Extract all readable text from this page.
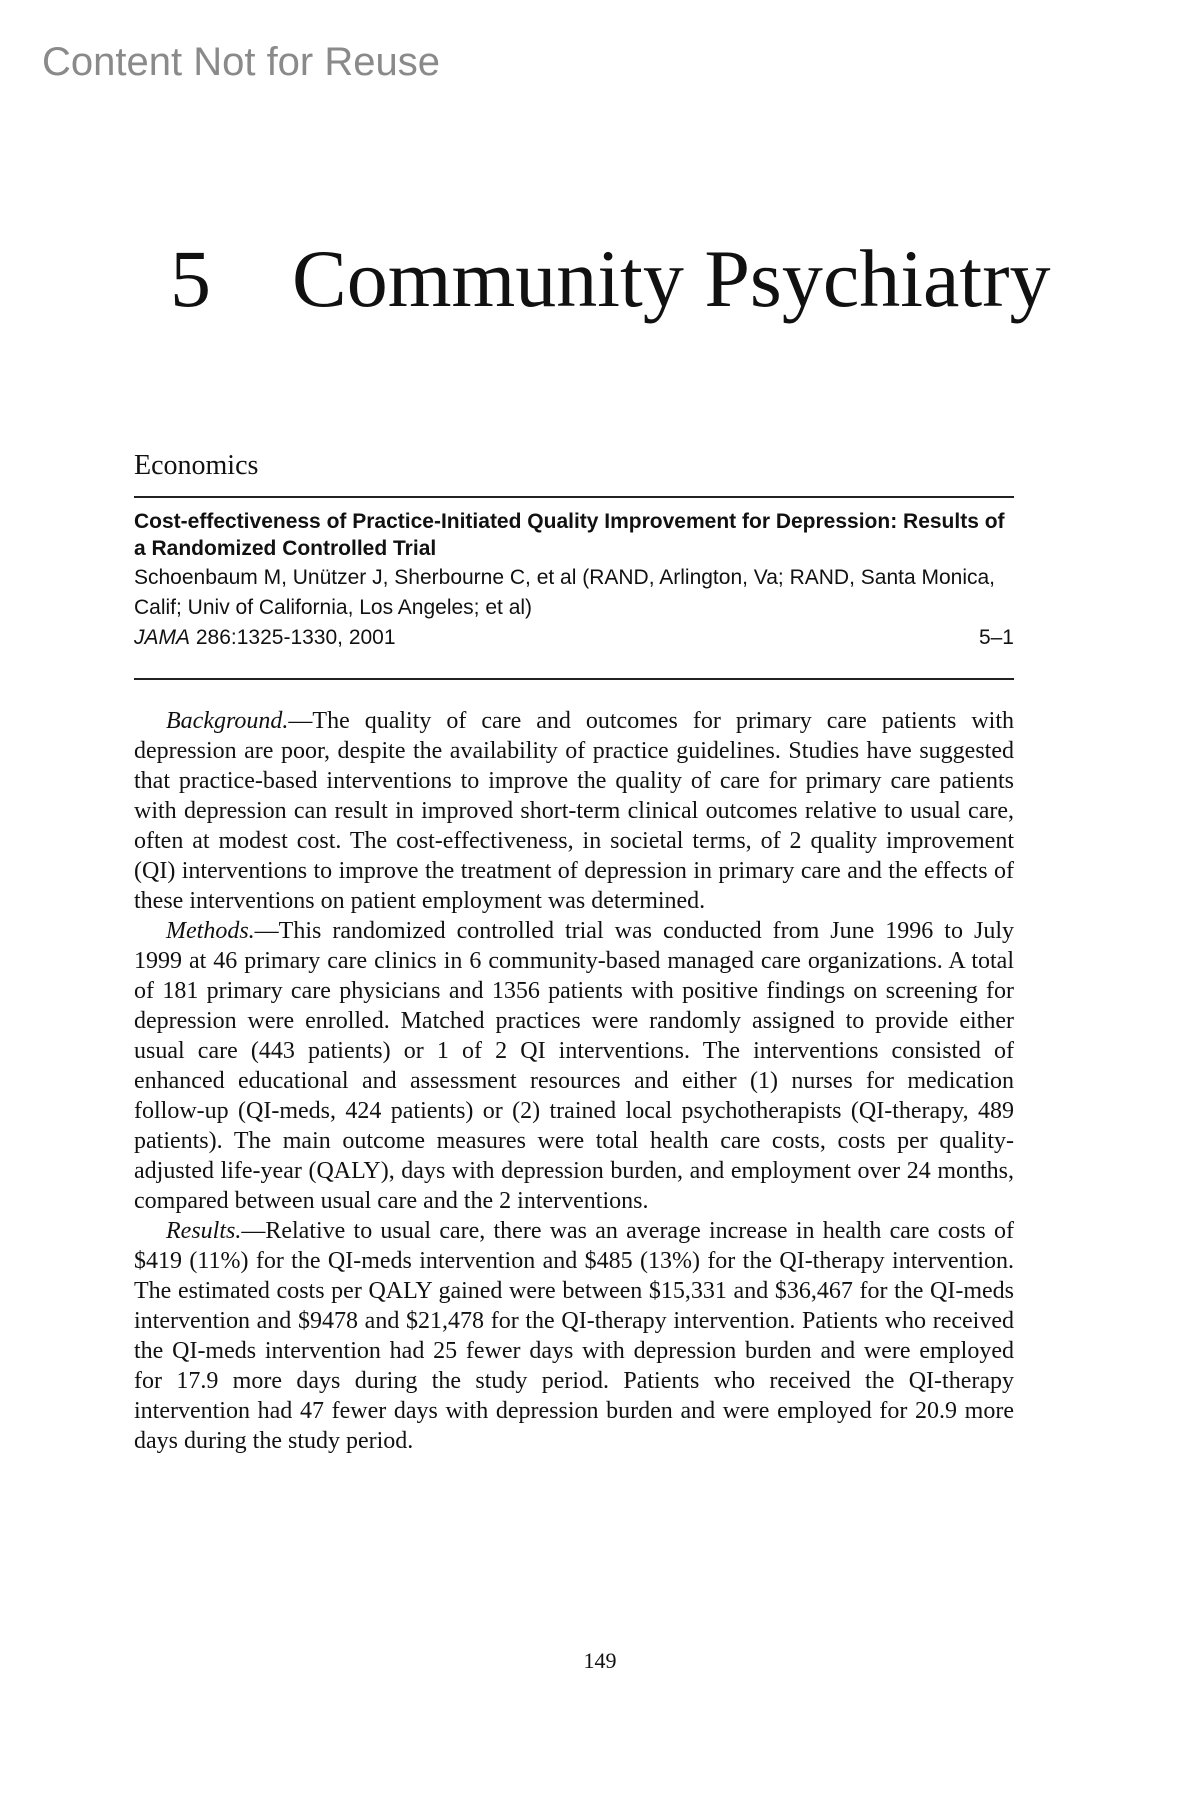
Content Not for Reuse
5 Community Psychiatry
Economics
Cost-effectiveness of Practice-Initiated Quality Improvement for Depression: Results of a Randomized Controlled Trial
Schoenbaum M, Unützer J, Sherbourne C, et al (RAND, Arlington, Va; RAND, Santa Monica, Calif; Univ of California, Los Angeles; et al)
JAMA 286:1325-1330, 2001	5–1

Background.—The quality of care and outcomes for primary care patients with depression are poor, despite the availability of practice guidelines. Studies have suggested that practice-based interventions to improve the quality of care for primary care patients with depression can result in improved short-term clinical outcomes relative to usual care, often at modest cost. The cost-effectiveness, in societal terms, of 2 quality improvement (QI) interventions to improve the treatment of depression in primary care and the effects of these interventions on patient employment was determined.

Methods.—This randomized controlled trial was conducted from June 1996 to July 1999 at 46 primary care clinics in 6 community-based managed care organizations. A total of 181 primary care physicians and 1356 patients with positive findings on screening for depression were enrolled. Matched practices were randomly assigned to provide either usual care (443 patients) or 1 of 2 QI interventions. The interventions consisted of enhanced educational and assessment resources and either (1) nurses for medication follow-up (QI-meds, 424 patients) or (2) trained local psychotherapists (QI-therapy, 489 patients). The main outcome measures were total health care costs, costs per quality-adjusted life-year (QALY), days with depression burden, and employment over 24 months, compared between usual care and the 2 interventions.

Results.—Relative to usual care, there was an average increase in health care costs of $419 (11%) for the QI-meds intervention and $485 (13%) for the QI-therapy intervention. The estimated costs per QALY gained were between $15,331 and $36,467 for the QI-meds intervention and $9478 and $21,478 for the QI-therapy intervention. Patients who received the QI-meds intervention had 25 fewer days with depression burden and were employed for 17.9 more days during the study period. Patients who received the QI-therapy intervention had 47 fewer days with depression burden and were employed for 20.9 more days during the study period.

149
